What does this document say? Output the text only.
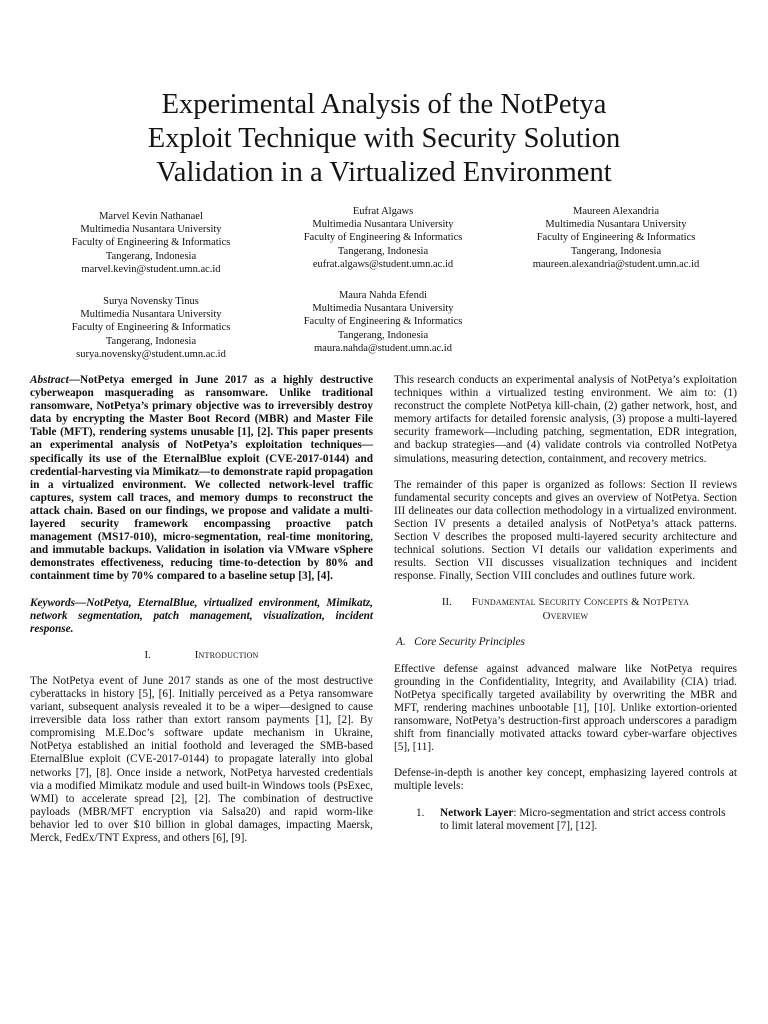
Experimental Analysis of the NotPetya
Exploit Technique with Security Solution
Validation in a Virtualized Environment
Marvel Kevin Nathanael
Multimedia Nusantara University
Faculty of Engineering & Informatics
Tangerang, Indonesia
marvel.kevin@student.umn.ac.id
Eufrat Algaws
Multimedia Nusantara University
Faculty of Engineering & Informatics
Tangerang, Indonesia
eufrat.algaws@student.umn.ac.id
Maureen Alexandria
Multimedia Nusantara University
Faculty of Engineering & Informatics
Tangerang, Indonesia
maureen.alexandria@student.umn.ac.id
Surya Novensky Tinus
Multimedia Nusantara University
Faculty of Engineering & Informatics
Tangerang, Indonesia
surya.novensky@student.umn.ac.id
Maura Nahda Efendi
Multimedia Nusantara University
Faculty of Engineering & Informatics
Tangerang, Indonesia
maura.nahda@student.umn.ac.id

Abstract—NotPetya emerged in June 2017 as a highly destructive cyberweapon masquerading as ransomware. Unlike traditional ransomware, NotPetya’s primary objective was to irreversibly destroy data by encrypting the Master Boot Record (MBR) and Master File Table (MFT), rendering systems unusable [1], [2]. This paper presents an experimental analysis of NotPetya’s exploitation techniques—specifically its use of the EternalBlue exploit (CVE-2017-0144) and credential-harvesting via Mimikatz—to demonstrate rapid propagation in a virtualized environment. We collected network-level traffic captures, system call traces, and memory dumps to reconstruct the attack chain. Based on our findings, we propose and validate a multi-layered security framework encompassing proactive patch management (MS17-010), micro-segmentation, real-time monitoring, and immutable backups. Validation in isolation via VMware vSphere demonstrates effectiveness, reducing time-to-detection by 80% and containment time by 70% compared to a baseline setup [3], [4].

Keywords—NotPetya, EternalBlue, virtualized environment, Mimikatz, network segmentation, patch management, visualization, incident response.

I.	Introduction

The NotPetya event of June 2017 stands as one of the most destructive cyberattacks in history [5], [6]. Initially perceived as a Petya ransomware variant, subsequent analysis revealed it to be a wiper—designed to cause irreversible data loss rather than extort ransom payments [1], [2]. By compromising M.E.Doc’s software update mechanism in Ukraine, NotPetya established an initial foothold and leveraged the SMB-based EternalBlue exploit (CVE-2017-0144) to propagate laterally into global networks [7], [8]. Once inside a network, NotPetya harvested credentials via a modified Mimikatz module and used built-in Windows tools (PsExec, WMI) to accelerate spread [2], [2]. The combination of destructive payloads (MBR/MFT encryption via Salsa20) and rapid worm-like behavior led to over $10 billion in global damages, impacting Maersk, Merck, FedEx/TNT Express, and others [6], [9].

This research conducts an experimental analysis of NotPetya’s exploitation techniques within a virtualized testing environment. We aim to: (1) reconstruct the complete NotPetya kill-chain, (2) gather network, host, and memory artifacts for detailed forensic analysis, (3) propose a multi-layered security framework—including patching, segmentation, EDR integration, and backup strategies—and (4) validate controls via controlled NotPetya simulations, measuring detection, containment, and recovery metrics.

The remainder of this paper is organized as follows: Section II reviews fundamental security concepts and gives an overview of NotPetya. Section III delineates our data collection methodology in a virtualized environment. Section IV presents a detailed analysis of NotPetya’s attack patterns. Section V describes the proposed multi-layered security architecture and technical solutions. Section VI details our validation experiments and results. Section VII discusses visualization techniques and incident response. Finally, Section VIII concludes and outlines future work.

II. Fundamental Security Concepts & NotPetya
Overview

A.   Core Security Principles

Effective defense against advanced malware like NotPetya requires grounding in the Confidentiality, Integrity, and Availability (CIA) triad. NotPetya specifically targeted availability by overwriting the MBR and MFT, rendering machines unbootable [1], [10]. Unlike extortion-oriented ransomware, NotPetya’s destruction-first approach underscores a paradigm shift from financially motivated attacks toward cyber-warfare objectives [5], [11].

Defense-in-depth is another key concept, emphasizing layered controls at multiple levels:

1.	Network Layer: Micro-segmentation and strict access controls to limit lateral movement [7], [12].
